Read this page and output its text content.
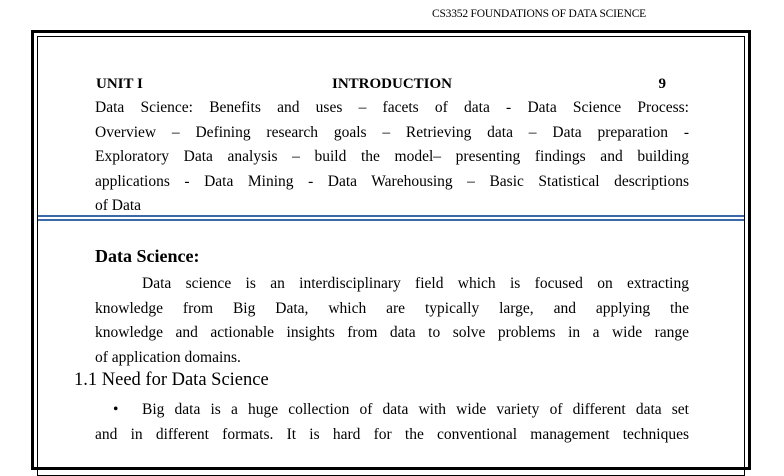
CS3352 FOUNDATIONS OF DATA SCIENCE
UNIT I	INTRODUCTION	9
Data Science: Benefits and uses – facets of data - Data Science Process:
Overview – Defining research goals – Retrieving data – Data preparation -
Exploratory Data analysis – build the model– presenting findings and building
applications - Data Mining - Data Warehousing – Basic Statistical descriptions
of Data
Data Science:
Data science is an interdisciplinary field which is focused on extracting
knowledge from Big Data, which are typically large, and applying the
knowledge and actionable insights from data to solve problems in a wide range
of application domains.
1.1 Need for Data Science
• Big data is a huge collection of data with wide variety of different data set
and in different formats. It is hard for the conventional management techniques
